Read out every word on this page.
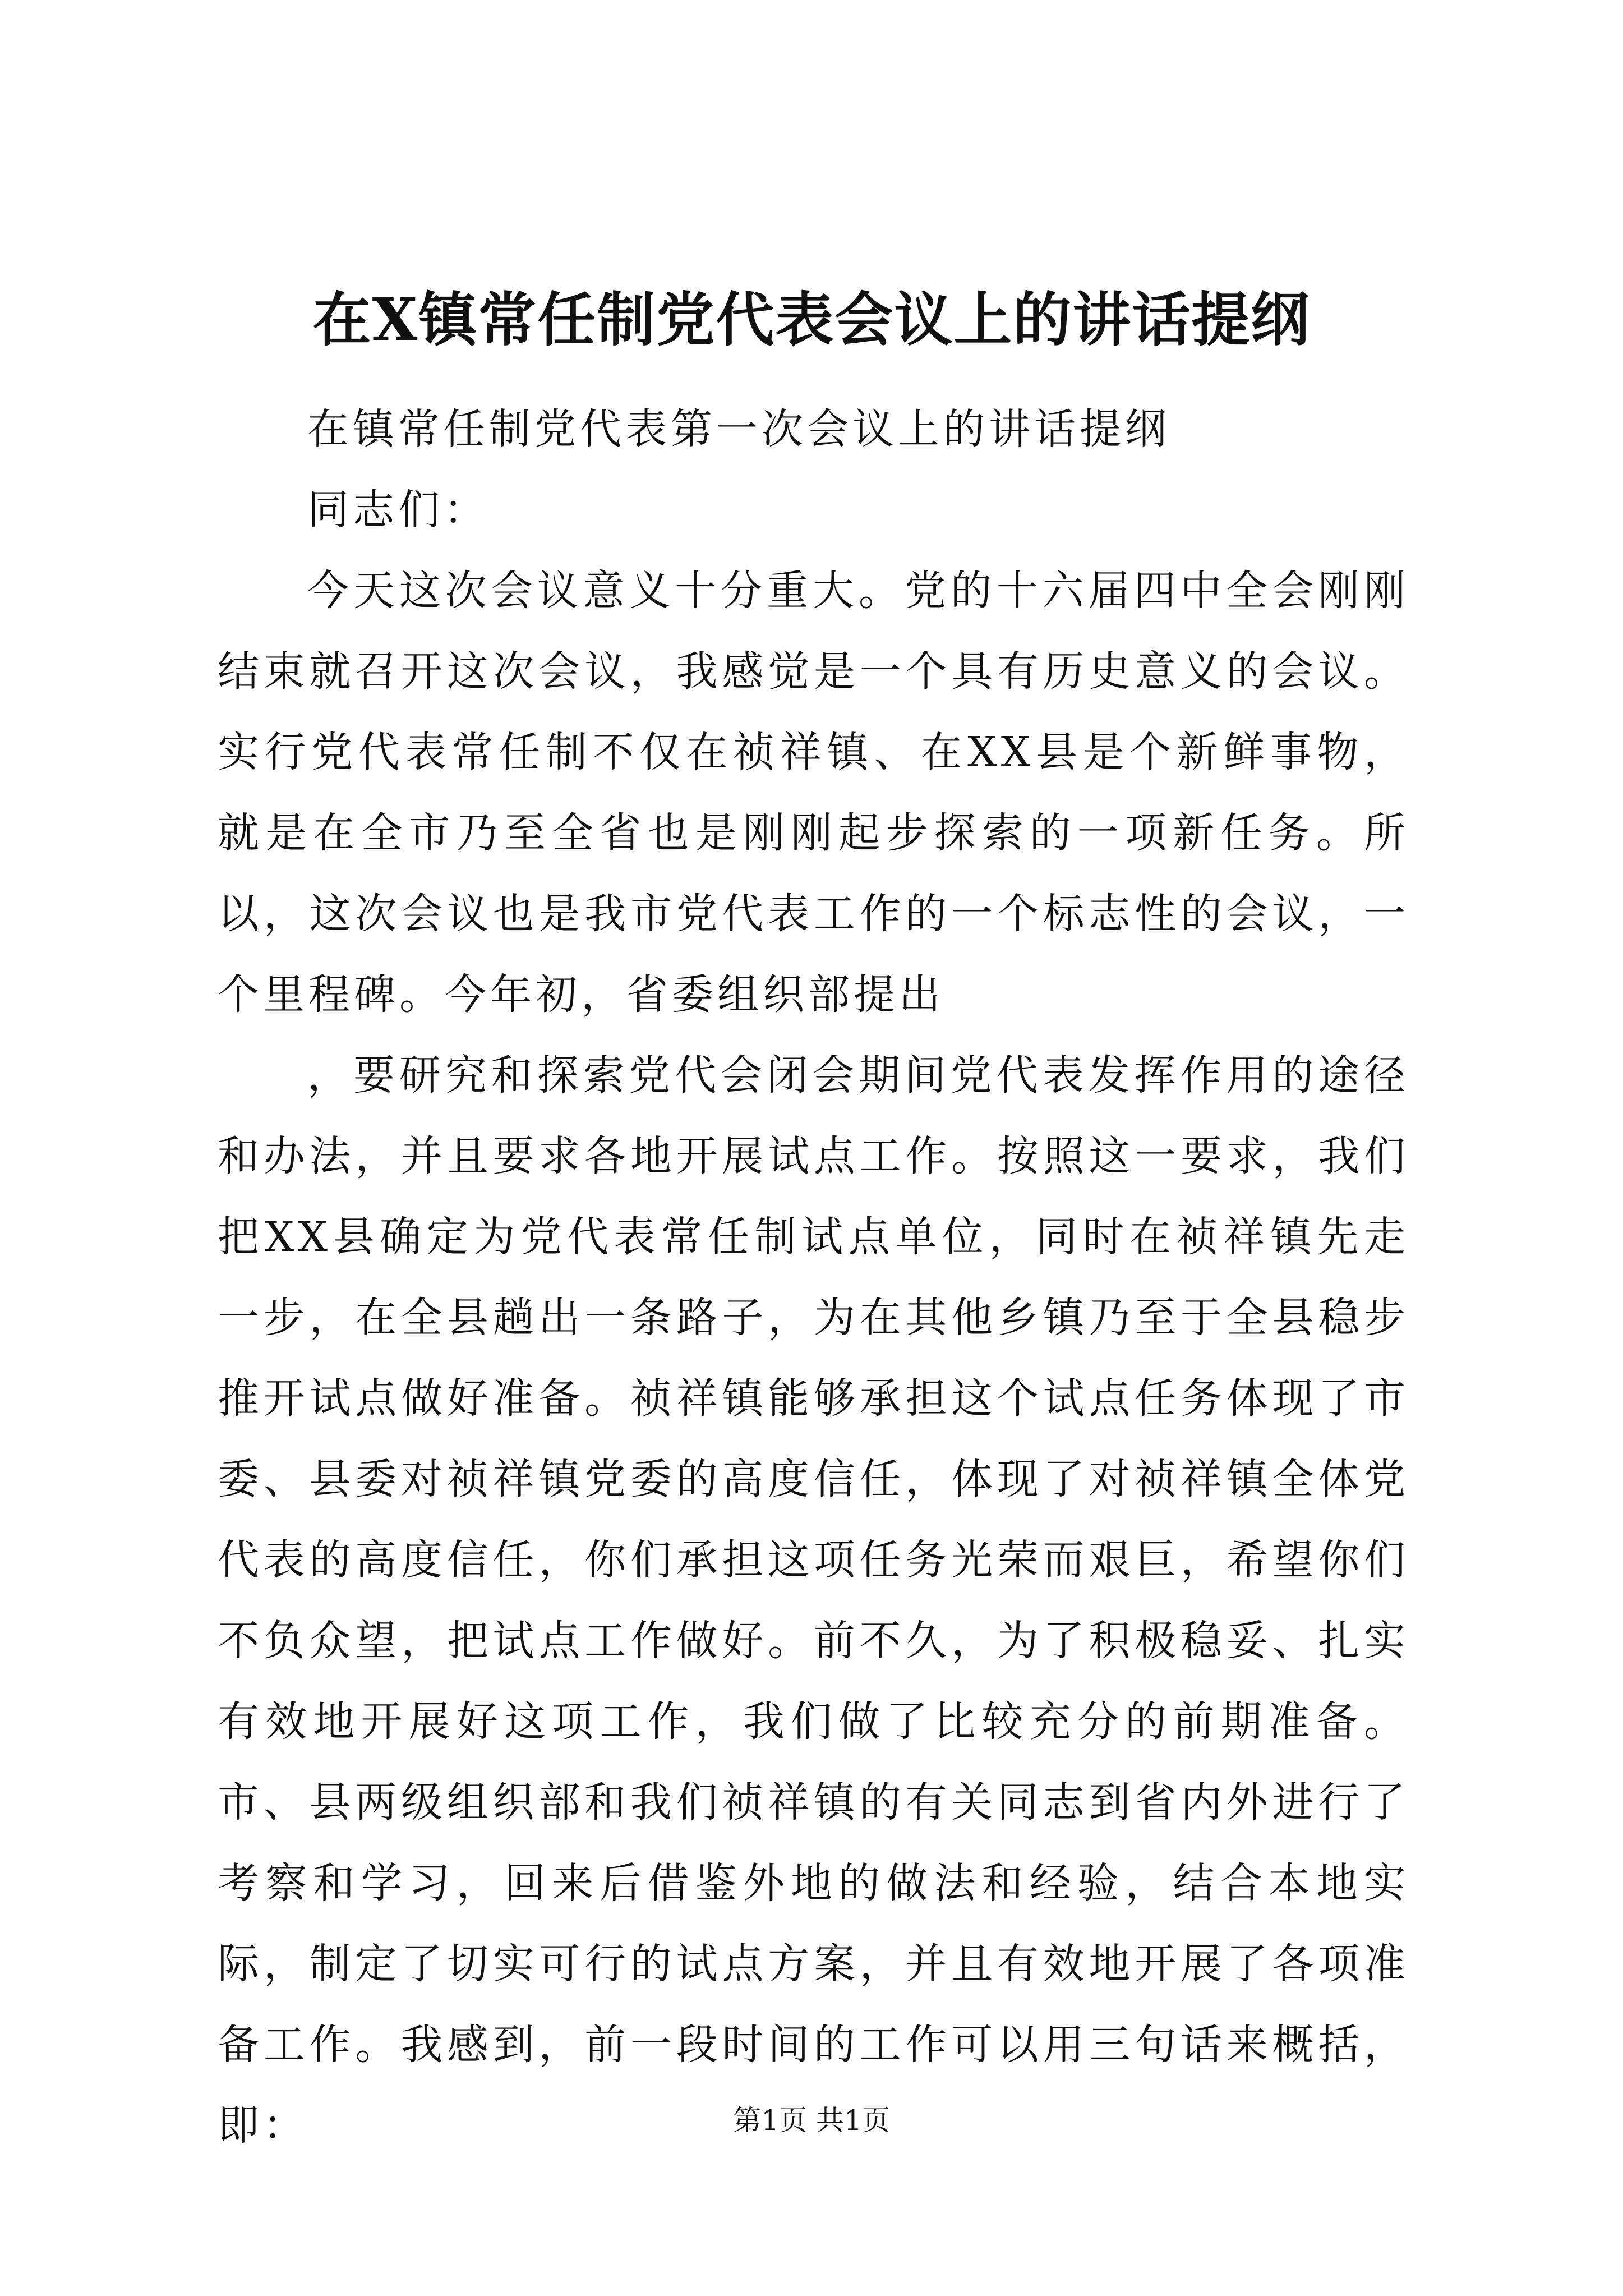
在X镇常任制党代表会议上的讲话提纲

在镇常任制党代表第一次会议上的讲话提纲

同志们：

今天这次会议意义十分重大。党的十六届四中全会刚刚结束就召开这次会议，我感觉是一个具有历史意义的会议。实行党代表常任制不仅在祯祥镇、在XX县是个新鲜事物，就是在全市乃至全省也是刚刚起步探索的一项新任务。所以，这次会议也是我市党代表工作的一个标志性的会议，一个里程碑。今年初，省委组织部提出

，要研究和探索党代会闭会期间党代表发挥作用的途径和办法，并且要求各地开展试点工作。按照这一要求，我们把XX县确定为党代表常任制试点单位，同时在祯祥镇先走一步，在全县趟出一条路子，为在其他乡镇乃至于全县稳步推开试点做好准备。祯祥镇能够承担这个试点任务体现了市委、县委对祯祥镇党委的高度信任，体现了对祯祥镇全体党代表的高度信任，你们承担这项任务光荣而艰巨，希望你们不负众望，把试点工作做好。前不久，为了积极稳妥、扎实有效地开展好这项工作，我们做了比较充分的前期准备。市、县两级组织部和我们祯祥镇的有关同志到省内外进行了考察和学习，回来后借鉴外地的做法和经验，结合本地实际，制定了切实可行的试点方案，并且有效地开展了各项准备工作。我感到，前一段时间的工作可以用三句话来概括，即：	第1页 共1页
